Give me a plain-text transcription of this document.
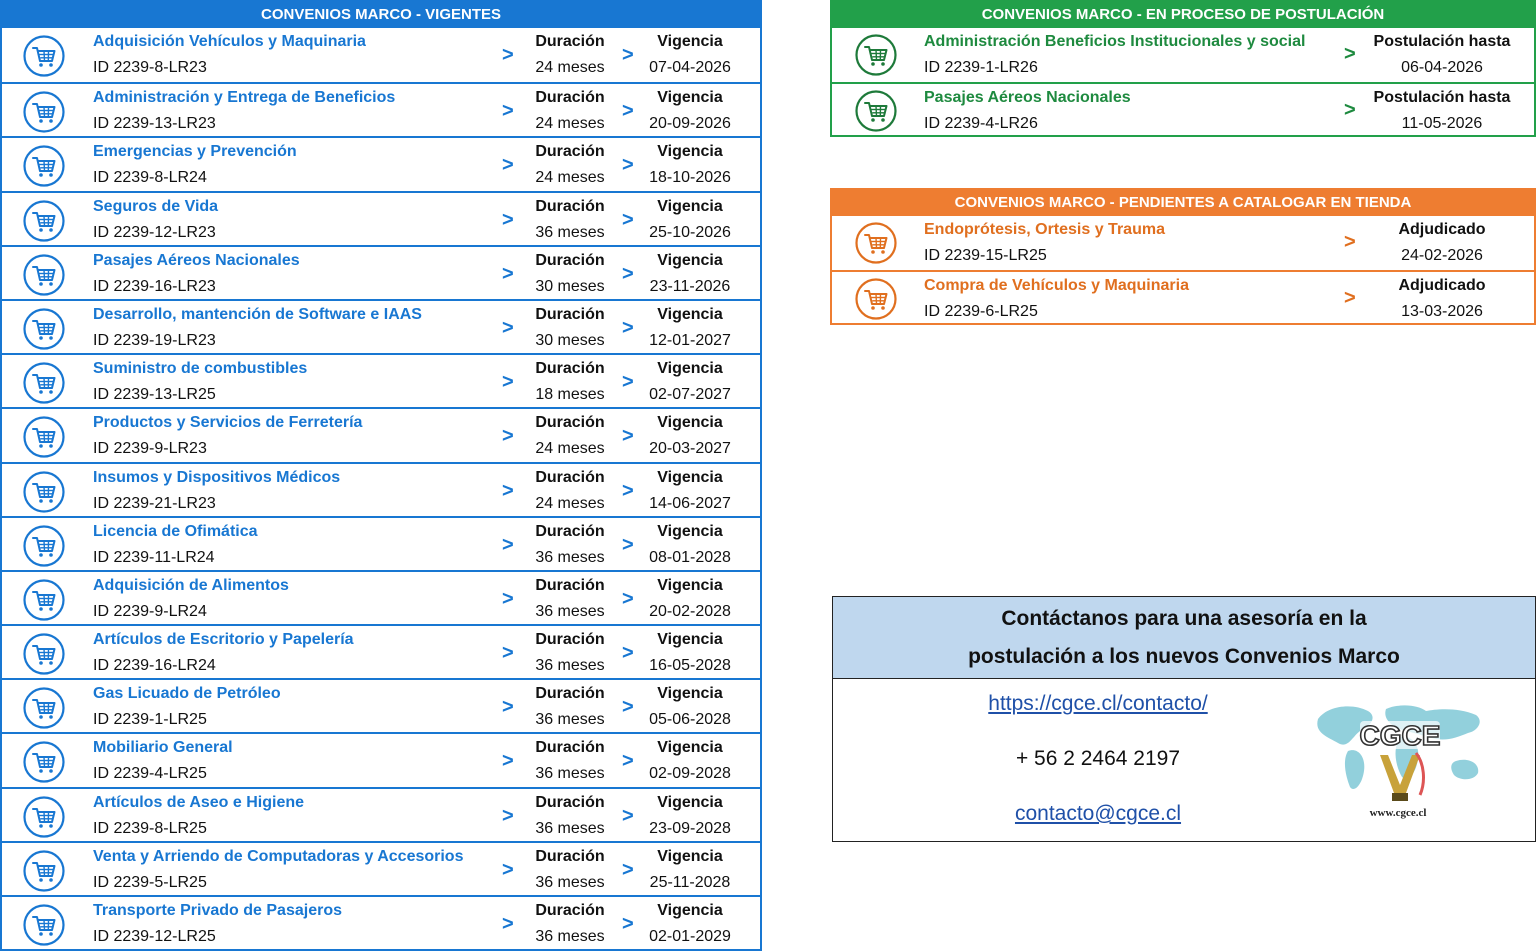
CONVENIOS MARCO - VIGENTES
Adquisición Vehículos y Maquinaria
ID 2239-8-LR23
>
Duración
24 meses
>
Vigencia
07-04-2026
Administración y Entrega de Beneficios
ID 2239-13-LR23
>
Duración
24 meses
>
Vigencia
20-09-2026
Emergencias y Prevención
ID 2239-8-LR24
>
Duración
24 meses
>
Vigencia
18-10-2026
Seguros de Vida
ID 2239-12-LR23
>
Duración
36 meses
>
Vigencia
25-10-2026
Pasajes Aéreos Nacionales
ID 2239-16-LR23
>
Duración
30 meses
>
Vigencia
23-11-2026
Desarrollo, mantención de Software e IAAS
ID 2239-19-LR23
>
Duración
30 meses
>
Vigencia
12-01-2027
Suministro de combustibles
ID 2239-13-LR25
>
Duración
18 meses
>
Vigencia
02-07-2027
Productos y Servicios de Ferretería
ID 2239-9-LR23
>
Duración
24 meses
>
Vigencia
20-03-2027
Insumos y Dispositivos Médicos
ID 2239-21-LR23
>
Duración
24 meses
>
Vigencia
14-06-2027
Licencia de Ofimática
ID 2239-11-LR24
>
Duración
36 meses
>
Vigencia
08-01-2028
Adquisición de Alimentos
ID 2239-9-LR24
>
Duración
36 meses
>
Vigencia
20-02-2028
Artículos de Escritorio y Papelería
ID 2239-16-LR24
>
Duración
36 meses
>
Vigencia
16-05-2028
Gas Licuado de Petróleo
ID 2239-1-LR25
>
Duración
36 meses
>
Vigencia
05-06-2028
Mobiliario General
ID 2239-4-LR25
>
Duración
36 meses
>
Vigencia
02-09-2028
Artículos de Aseo e Higiene
ID 2239-8-LR25
>
Duración
36 meses
>
Vigencia
23-09-2028
Venta y Arriendo de Computadoras y Accesorios
ID 2239-5-LR25
>
Duración
36 meses
>
Vigencia
25-11-2028
Transporte Privado de Pasajeros
ID 2239-12-LR25
>
Duración
36 meses
>
Vigencia
02-01-2029
CONVENIOS MARCO - EN PROCESO DE POSTULACIÓN
Administración Beneficios Institucionales y social
ID 2239-1-LR26
>
Postulación hasta
06-04-2026
Pasajes Aéreos Nacionales
ID 2239-4-LR26
>
Postulación hasta
11-05-2026
CONVENIOS MARCO - PENDIENTES A CATALOGAR EN TIENDA
Endoprótesis, Ortesis y Trauma
ID 2239-15-LR25
>
Adjudicado
24-02-2026
Compra de Vehículos y Maquinaria
ID 2239-6-LR25
>
Adjudicado
13-03-2026
Contáctanos para una asesoría en la
postulación a los nuevos Convenios Marco
https://cgce.cl/contacto/
+ 56 2 2464 2197
contacto@cgce.cl
CGCE
www.cgce.cl
